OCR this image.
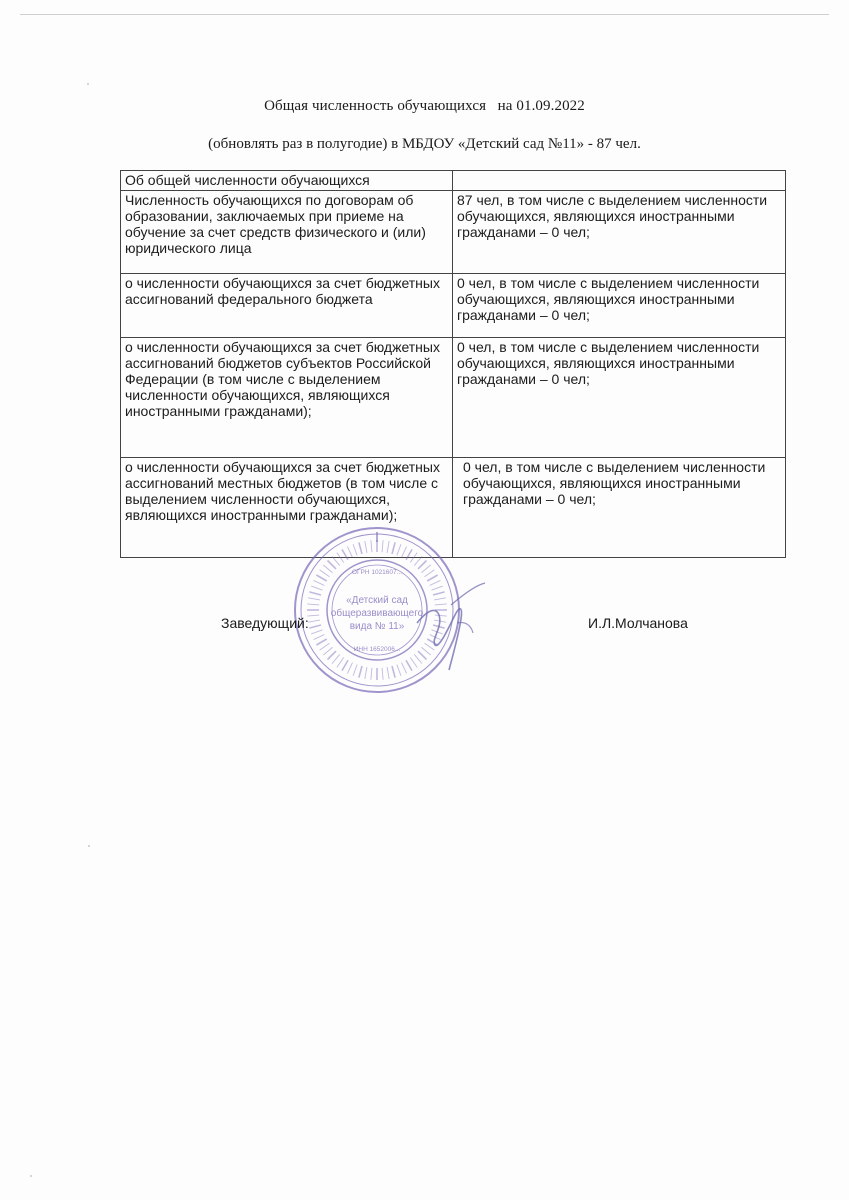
Общая численность обучающихся   на 01.09.2022
(обновлять раз в полугодие) в МБДОУ «Детский сад №11» - 87 чел.
Об общей численности обучающихся	
Численность обучающихся по договорам об образовании, заключаемых при приеме на обучение за счет средств физического и (или) юридического лица	87 чел, в том числе с выделением численности обучающихся, являющихся иностранными гражданами – 0 чел;
о численности обучающихся за счет бюджетных ассигнований федерального бюджета	0 чел, в том числе с выделением численности обучающихся, являющихся иностранными гражданами – 0 чел;
о численности обучающихся за счет бюджетных ассигнований бюджетов субъектов Российской Федерации (в том числе с выделением численности обучающихся, являющихся иностранными гражданами);	0 чел, в том числе с выделением численности обучающихся, являющихся иностранными гражданами – 0 чел;
о численности обучающихся за счет бюджетных ассигнований местных бюджетов (в том числе с выделением численности обучающихся, являющихся иностранными гражданами);	0 чел, в том числе с выделением численности обучающихся, являющихся иностранными гражданами – 0 чел;
«Детский сад
общеразвивающего
вида № 11»
ОГРН 1021607...
ИНН 1652006...
Заведующий:	И.Л.Молчанова
